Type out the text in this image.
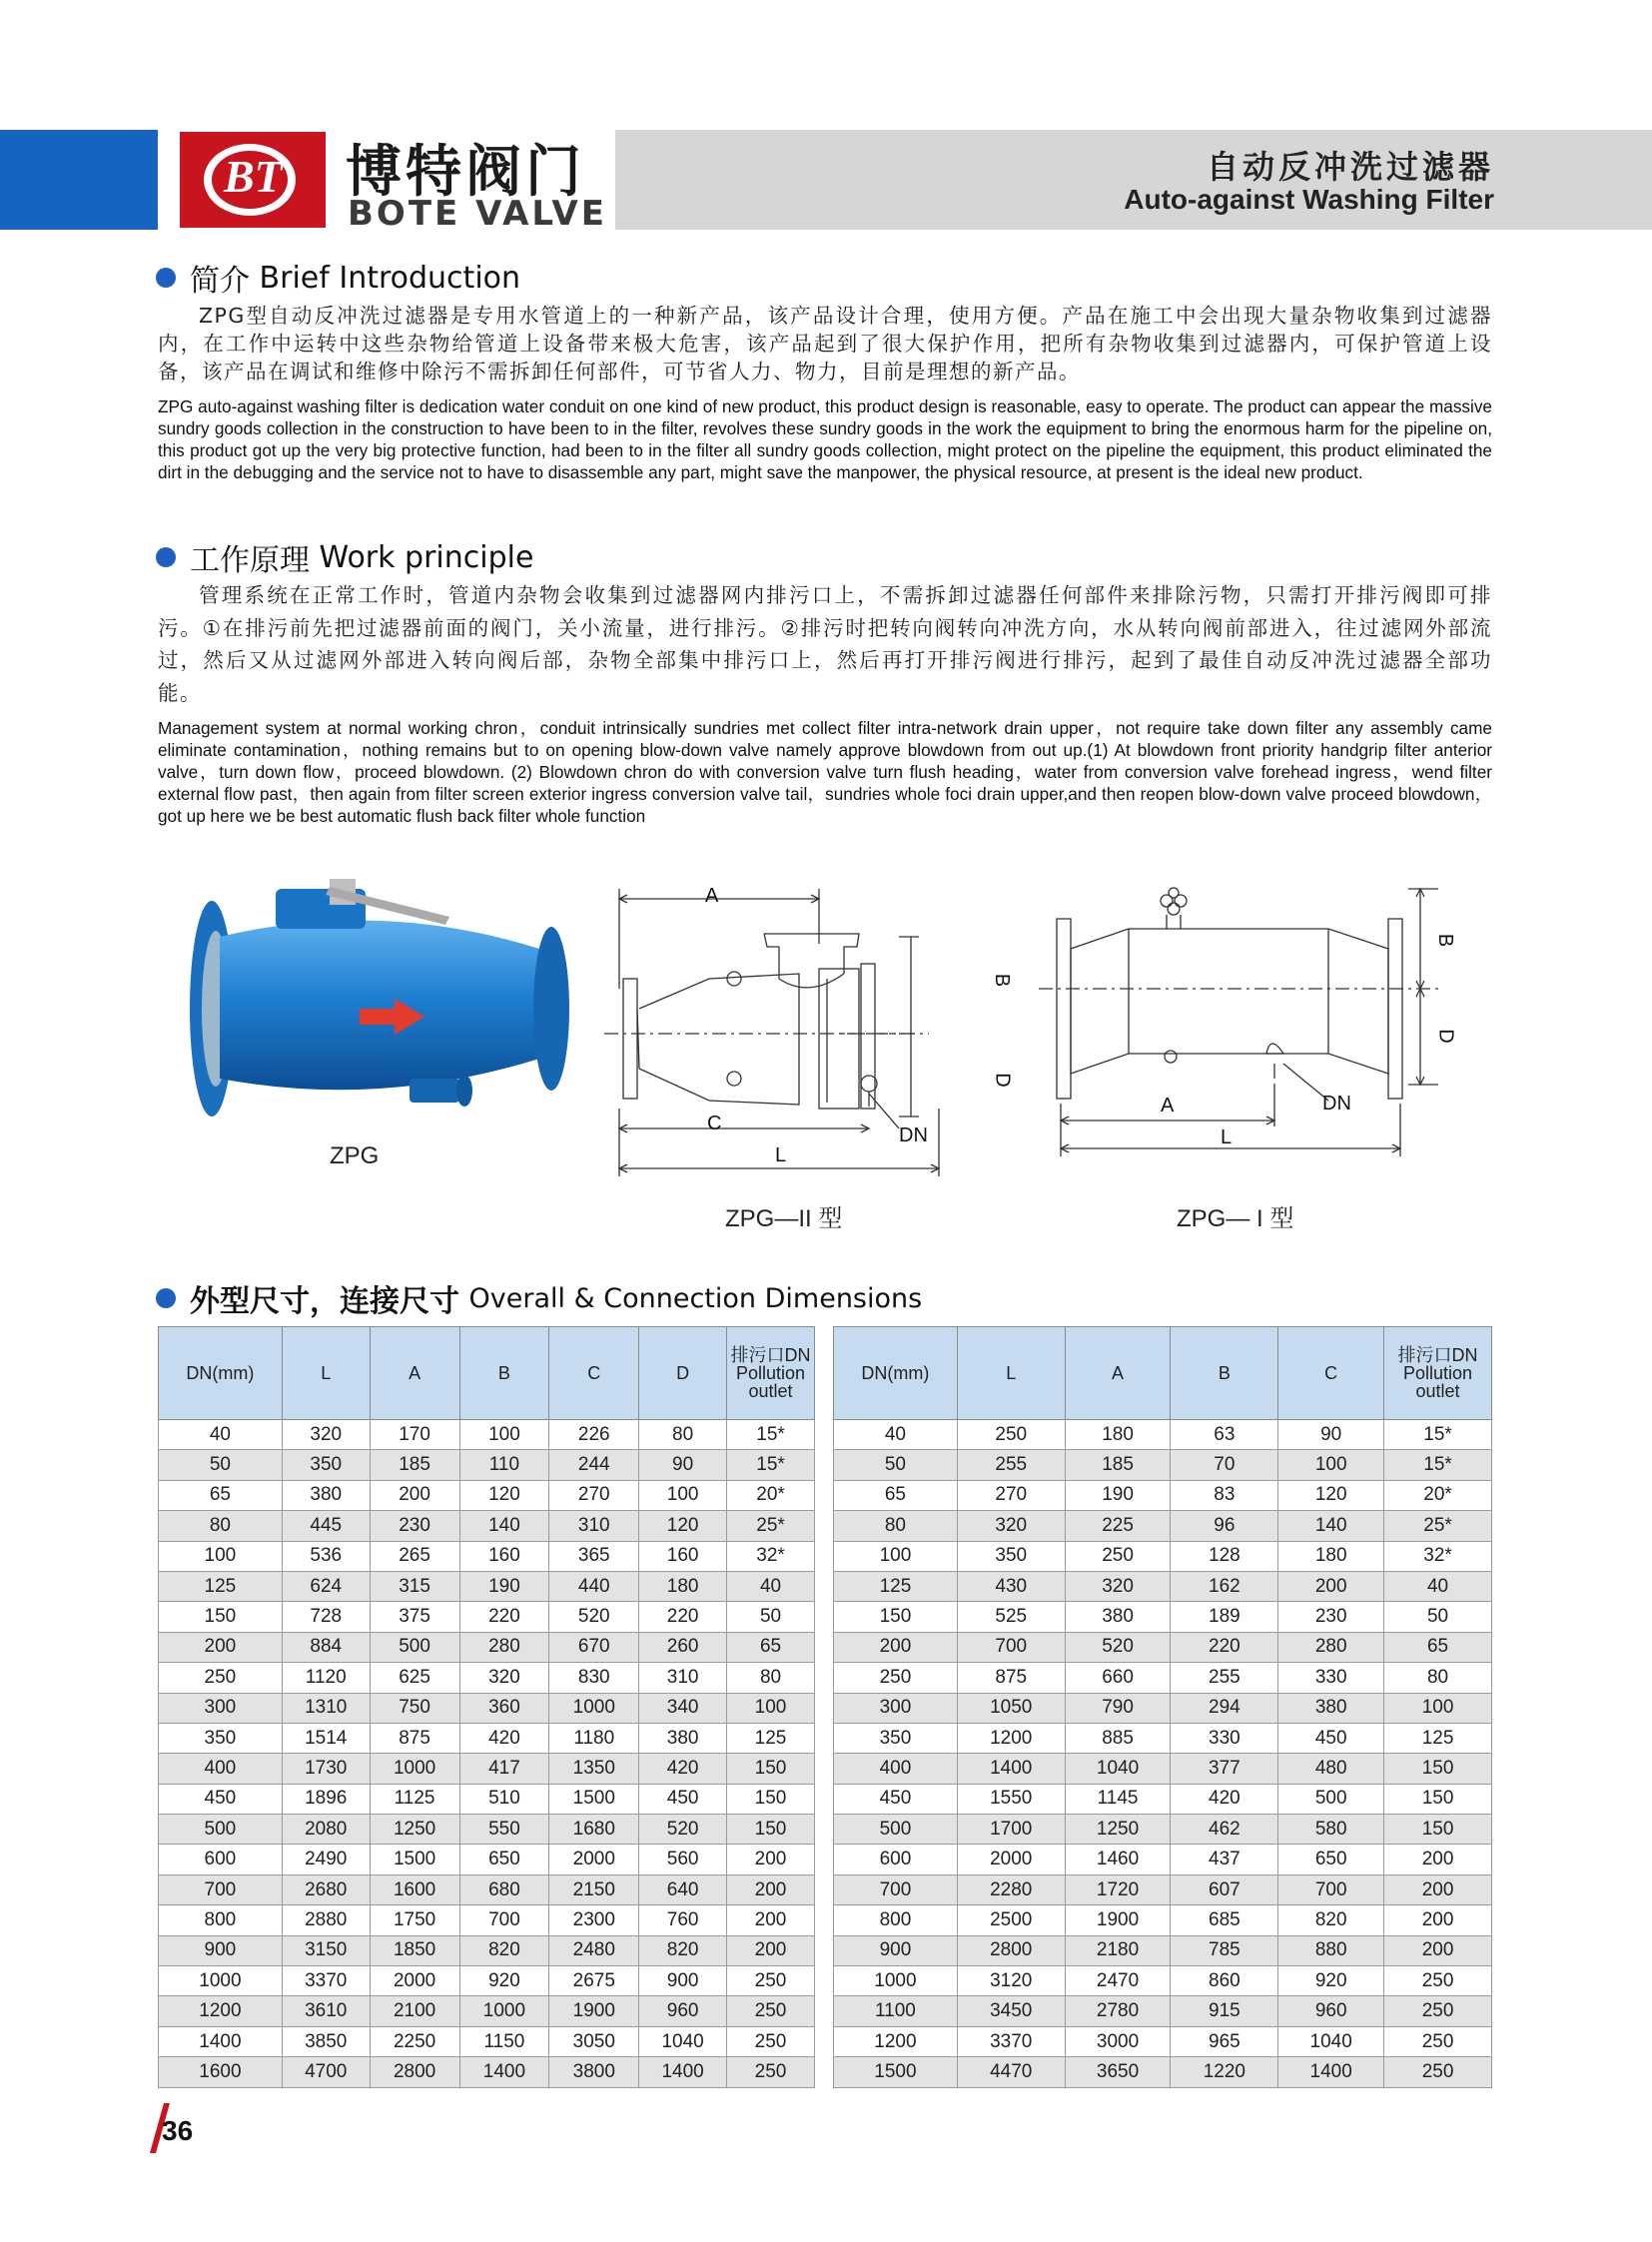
BT 博特阀门
BOTE VALVE
自动反冲洗过滤器
Auto-against Washing Filter
简介
Brief Introduction
ZPG型自动反冲洗过滤器是专用水管道上的一种新产品，该产品设计合理，使用方便。产品在施工中会出现大量杂物收集到过滤器内，在工作中运转中这些杂物给管道上设备带来极大危害，该产品起到了很大保护作用，把所有杂物收集到过滤器内，可保护管道上设备，该产品在调试和维修中除污不需拆卸任何部件，可节省人力、物力，目前是理想的新产品。
ZPG auto-against washing filter is dedication water conduit on one kind of new product, this product design is reasonable, easy to operate. The product can appear the massive sundry goods collection in the construction to have been to in the filter, revolves these sundry goods in the work the equipment to bring the enormous harm for the pipeline on, this product got up the very big protective function, had been to in the filter all sundry goods collection, might protect on the pipeline the equipment, this product eliminated the dirt in the debugging and the service not to have to disassemble any part, might save the manpower, the physical resource, at present is the ideal new product.
工作原理
Work principle
管理系统在正常工作时，管道内杂物会收集到过滤器网内排污口上，不需拆卸过滤器任何部件来排除污物，只需打开排污阀即可排污。①在排污前先把过滤器前面的阀门，关小流量，进行排污。②排污时把转向阀转向冲洗方向，水从转向阀前部进入，往过滤网外部流过，然后又从过滤网外部进入转向阀后部，杂物全部集中排污口上，然后再打开排污阀进行排污，起到了最佳自动反冲洗过滤器全部功能。
Management system at normal working chron，conduit intrinsically sundries met collect filter intra-network drain upper，not require take down filter any assembly came eliminate contamination，nothing remains but to on opening blow-down valve namely approve blowdown from out up.(1) At blowdown front priority handgrip filter anterior valve，turn down flow，proceed blowdown. (2) Blowdown chron do with conversion valve turn flush heading，water from conversion valve forehead ingress，wend filter external flow past，then again from filter screen exterior ingress conversion valve tail，sundries whole foci drain upper,and then reopen blow-down valve proceed blowdown，got up here we be best automatic flush back filter whole function
ZPG
A
B
D
C
DN
L
ZPG—II 型
B
D
A	DN
L
ZPG— I 型
外型尺寸，连接尺寸
Overall & Connection Dimensions
DN(mm)	L	A	B	C	D	排污口DN Pollution outlet
40	320	170	100	226	80	15*
50	350	185	110	244	90	15*
65	380	200	120	270	100	20*
80	445	230	140	310	120	25*
100	536	265	160	365	160	32*
125	624	315	190	440	180	40
150	728	375	220	520	220	50
200	884	500	280	670	260	65
250	1120	625	320	830	310	80
300	1310	750	360	1000	340	100
350	1514	875	420	1180	380	125
400	1730	1000	417	1350	420	150
450	1896	1125	510	1500	450	150
500	2080	1250	550	1680	520	150
600	2490	1500	650	2000	560	200
700	2680	1600	680	2150	640	200
800	2880	1750	700	2300	760	200
900	3150	1850	820	2480	820	200
1000	3370	2000	920	2675	900	250
1200	3610	2100	1000	1900	960	250
1400	3850	2250	1150	3050	1040	250
1600	4700	2800	1400	3800	1400	250
DN(mm)	L	A	B	C	排污口DN Pollution outlet
40	250	180	63	90	15*
50	255	185	70	100	15*
65	270	190	83	120	20*
80	320	225	96	140	25*
100	350	250	128	180	32*
125	430	320	162	200	40
150	525	380	189	230	50
200	700	520	220	280	65
250	875	660	255	330	80
300	1050	790	294	380	100
350	1200	885	330	450	125
400	1400	1040	377	480	150
450	1550	1145	420	500	150
500	1700	1250	462	580	150
600	2000	1460	437	650	200
700	2280	1720	607	700	200
800	2500	1900	685	820	200
900	2800	2180	785	880	200
1000	3120	2470	860	920	250
1100	3450	2780	915	960	250
1200	3370	3000	965	1040	250
1500	4470	3650	1220	1400	250
36
